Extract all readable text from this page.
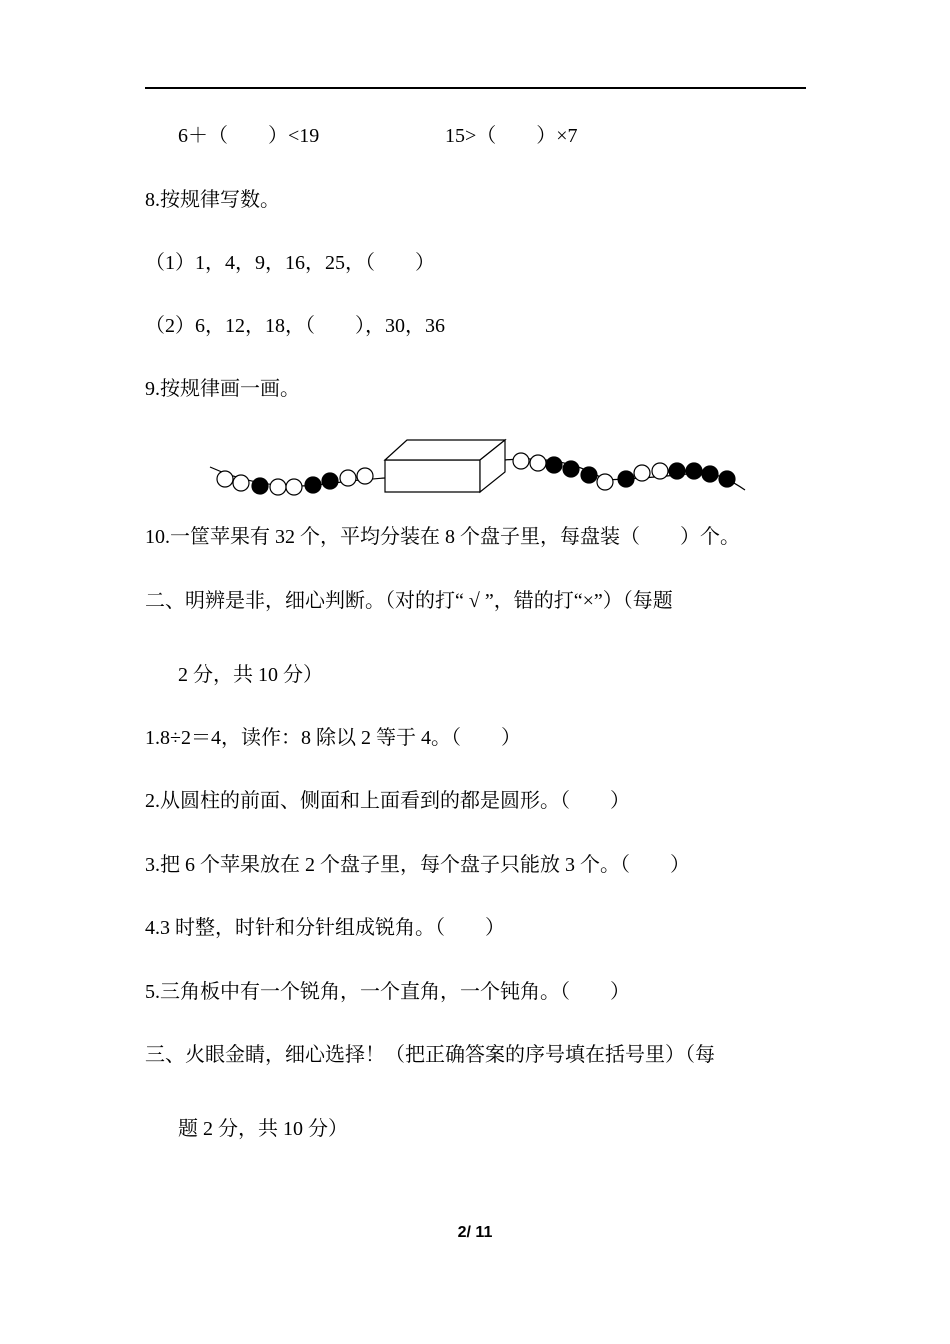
6＋（　　）<19	15>（　　）×7
8.按规律写数。
（1）1，4，9，16，25，（　　）
（2）6，12，18，（　　），30，36
9.按规律画一画。
10.一筐苹果有 32 个，平均分装在 8 个盘子里，每盘装（　　）个。
二、明辨是非，细心判断。（对的打“ √ ”，错的打“×”）（每题
2 分，共 10 分）
1.8÷2＝4，读作：8 除以 2 等于 4。（　　）
2.从圆柱的前面、侧面和上面看到的都是圆形。（　　）
3.把 6 个苹果放在 2 个盘子里，每个盘子只能放 3 个。（　　）
4.3 时整，时针和分针组成锐角。（　　）
5.三角板中有一个锐角，一个直角，一个钝角。（　　）
三、火眼金睛，细心选择！（把正确答案的序号填在括号里）（每
题 2 分，共 10 分）
2/ 11
